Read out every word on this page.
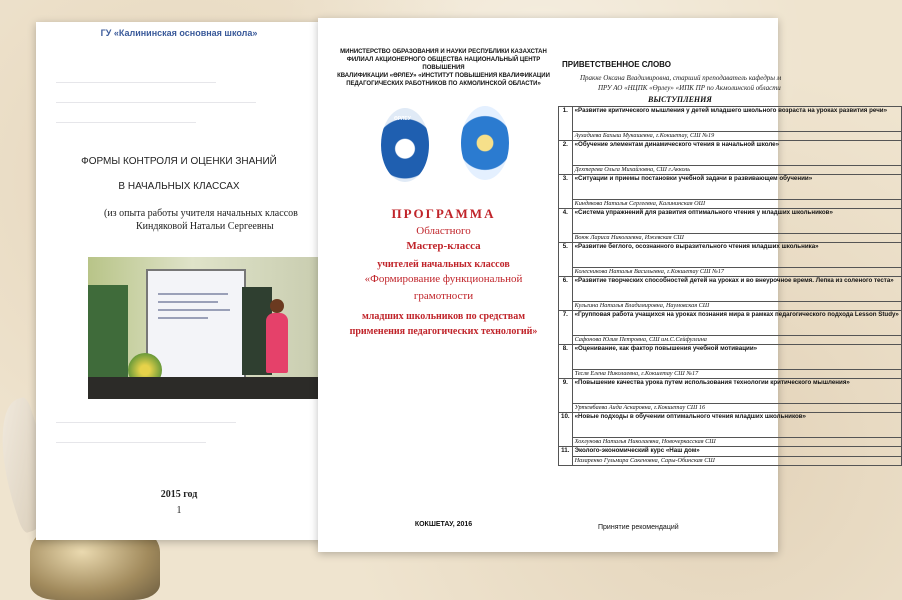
ГУ «Калининская основная школа»
ФОРМЫ КОНТРОЛЯ И ОЦЕНКИ ЗНАНИЙ
В НАЧАЛЬНЫХ КЛАССАХ
(из опыта работы учителя начальных классов
Киндяковой Натальи Сергеевны
2015 год
1
МИНИСТЕРСТВО ОБРАЗОВАНИЯ И НАУКИ РЕСПУБЛИКИ КАЗАХСТАН
ФИЛИАЛ АКЦИОНЕРНОГО ОБЩЕСТВА НАЦИОНАЛЬНЫЙ ЦЕНТР ПОВЫШЕНИЯ
КВАЛИФИКАЦИИ «ӨРЛЕУ» «ИНСТИТУТ ПОВЫШЕНИЯ КВАЛИФИКАЦИИ
ПЕДАГОГИЧЕСКИХ РАБОТНИКОВ ПО АКМОЛИНСКОЙ ОБЛАСТИ»
ӨРЛЕУ
ПРОГРАММА
Областного
Мастер-класса
учителей начальных классов
«Формирование функциональной
грамотности
младших школьников по средствам
применения педагогических технологий»
КОКШЕТАУ, 2016
ПРИВЕТСТВЕННОЕ СЛОВО
Пракке Оксана Владимировна, старший преподаватель кафедры м
ПРУ АО «НЦПК «Өрлеу» «ИПК ПР по Акмолинской области
ВЫСТУПЛЕНИЯ
1.	«Развитие критического мышления у детей младшего школьного возраста на уроках развития речи»
	Аухадиева Бахыш Мукашевна, г.Кокшетау, СШ №19
2.	«Обучение элементам динамического чтения в начальной школе»
	Дехтерева Ольга Михайловна, СШ г.Акколь
3.	«Ситуации и приемы постановки учебной задачи в развивающем обучении»
	Киндякова Наталья Сергеевна, Калининская ОШ
4.	«Система упражнений для развития оптимального чтения у младших школьников»
	Воюк Лариса Николаевна, Ижевская СШ
5.	«Развитие беглого, осознанного выразительного чтения младших школьника»
	Колесникова Наталья Васильевна, г.Кокшетау СШ №17
6.	«Развитие творческих способностей детей на уроках и во внеурочное время. Лепка из соленого теста»
	Кульгина Наталья Владимировна, Наумовская СШ
7.	«Групповая работа учащихся на уроках познания мира в рамках педагогического подхода Lesson Study»
	Сафонова Юлия Петровна, СШ им.С.Сейфуллина
8.	«Оценивание, как фактор повышения учебной мотивации»
	Тесля Елена Николаевна, г.Кокшетау СШ №17
9.	«Повышение качества урока путем использования технологии критического мышления»
	Уртембаева Аида Аскаровна, г.Кокшетау СШ 16
10.	«Новые подходы в обучении оптимального чтения младших школьников»
	Хохлунова Наталья Николаевна, Новочеркасская СШ
11.	Эколого-экономический курс «Наш дом»
	Назаренко Гульмира Сакеновна, Сары-Обинская СШ
Принятие рекомендаций
